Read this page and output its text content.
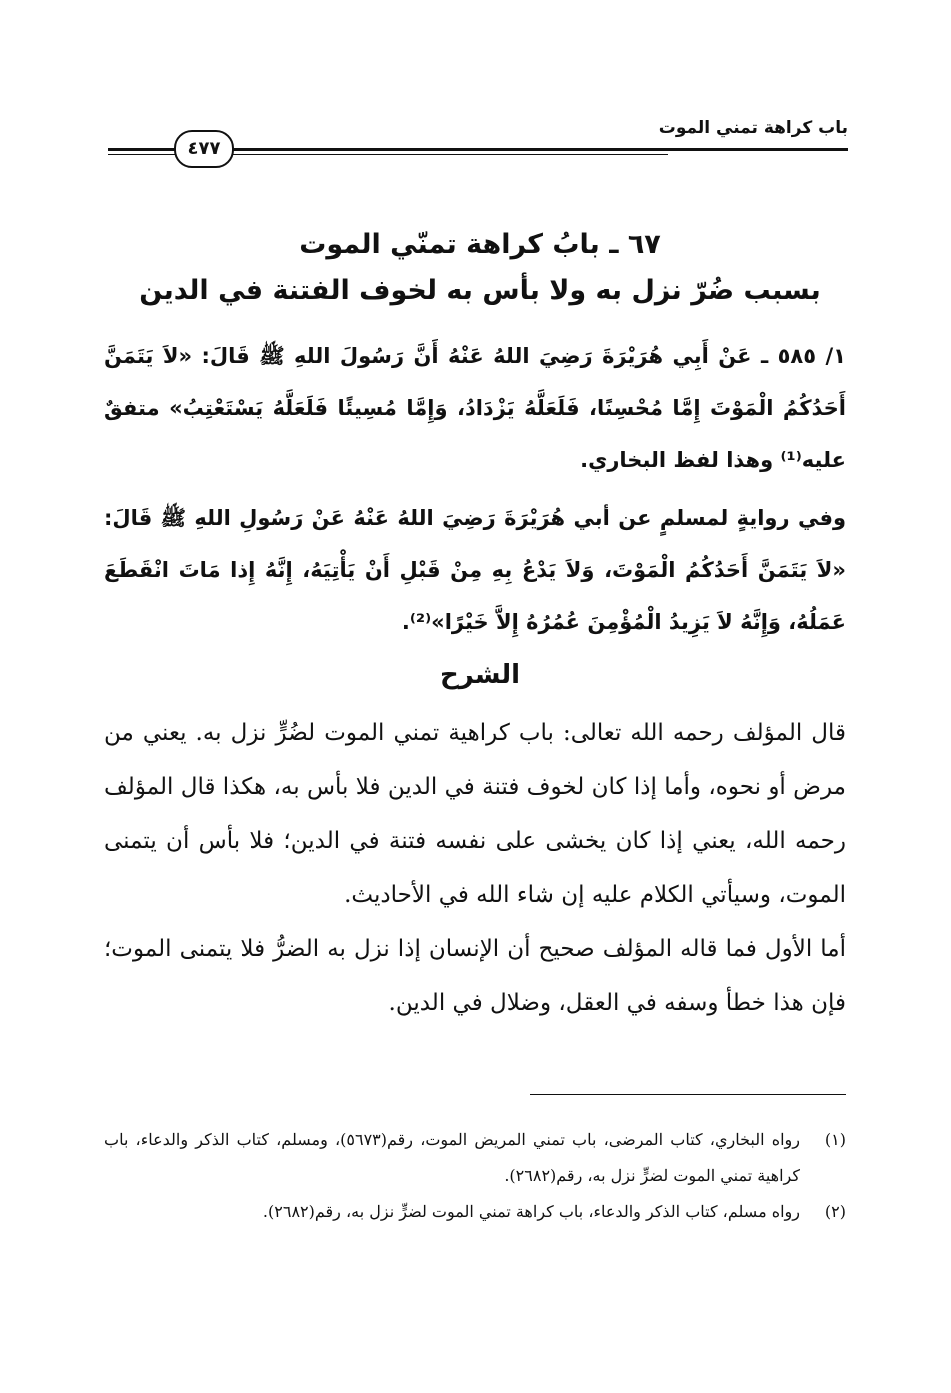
باب كراهة تمني الموت
٤٧٧
٦٧ ـ بابُ كراهة تمنّي الموت
بسبب ضُرّ نزل به ولا بأس به لخوف الفتنة في الدين

١/ ٥٨٥ ـ عَنْ أَبِي هُرَيْرَةَ رَضِيَ اللهُ عَنْهُ أَنَّ رَسُولَ اللهِ ﷺ قَالَ: «لاَ يَتَمَنَّ أَحَدُكُمُ الْمَوْتَ إِمَّا مُحْسِنًا، فَلَعَلَّهُ يَزْدَادُ، وَإِمَّا مُسِيئًا فَلَعَلَّهُ يَسْتَعْتِبُ» متفقٌ عليه⁽¹⁾ وهذا لفظ البخاري.

وفي روايةٍ لمسلمٍ عن أبي هُرَيْرَةَ رَضِيَ اللهُ عَنْهُ عَنْ رَسُولِ اللهِ ﷺ قَالَ: «لاَ يَتَمَنَّ أَحَدُكُمُ الْمَوْتَ، وَلاَ يَدْعُ بِهِ مِنْ قَبْلِ أَنْ يَأْتِيَهُ، إِنَّهُ إِذا مَاتَ انْقَطَعَ عَمَلُهُ، وَإِنَّهُ لاَ يَزِيدُ الْمُؤْمِنَ عُمُرُهُ إِلاَّ خَيْرًا»⁽²⁾.

الشرح

قال المؤلف رحمه الله تعالى: باب كراهية تمني الموت لضُرٍّ نزل به. يعني من مرض أو نحوه، وأما إذا كان لخوف فتنة في الدين فلا بأس به، هكذا قال المؤلف رحمه الله، يعني إذا كان يخشى على نفسه فتنة في الدين؛ فلا بأس أن يتمنى الموت، وسيأتي الكلام عليه إن شاء الله في الأحاديث.

أما الأول فما قاله المؤلف صحيح أن الإنسان إذا نزل به الضرُّ فلا يتمنى الموت؛ فإن هذا خطأ وسفه في العقل، وضلال في الدين.

(١)
رواه البخاري، كتاب المرضى، باب تمني المريض الموت، رقم(٥٦٧٣)، ومسلم، كتاب الذكر والدعاء، باب كراهية تمني الموت لضرٍّ نزل به، رقم(٢٦٨٢).
(٢)
رواه مسلم، كتاب الذكر والدعاء، باب كراهة تمني الموت لضرٍّ نزل به، رقم(٢٦٨٢).
